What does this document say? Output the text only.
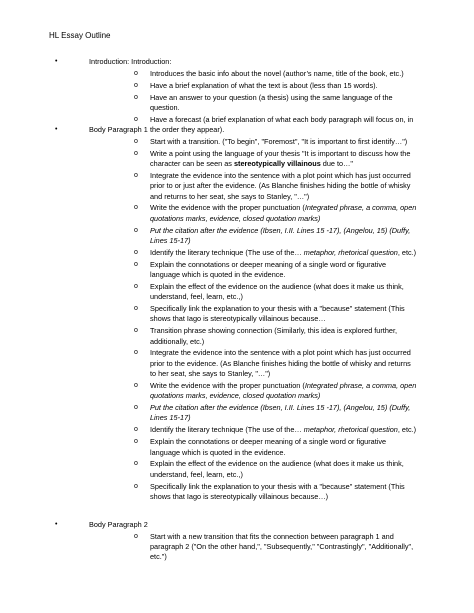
HL Essay Outline
•	Introduction: Introduction:
o Introduces the basic info about the novel (author’s name, title of the book, etc.)
o Have a brief explanation of what the text is about (less than 15 words).
o Have an answer to your question (a thesis) using the same language of the question.
o Have a forecast (a brief explanation of what each body paragraph will focus on, in the order they appear).
•	Body Paragraph 1
o Start with a transition. ("To begin", "Foremost", "It is important to first identify…")
o Write a point using the language of your thesis "It is important to discuss how the character can be seen as stereotypically villainous due to…"
o Integrate the evidence into the sentence with a plot point which has just occurred prior to or just after the evidence. (As Blanche finishes hiding the bottle of whisky and returns to her seat, she says to Stanley, "…")
o Write the evidence with the proper punctuation (Integrated phrase, a comma, open quotations marks, evidence, closed quotation marks)
o Put the citation after the evidence (Ibsen, I.II. Lines 15 -17), (Angelou, 15) (Duffy, Lines 15-17)
o Identify the literary technique (The use of the… metaphor, rhetorical question, etc.)
o Explain the connotations or deeper meaning of a single word or figurative language which is quoted in the evidence.
o Explain the effect of the evidence on the audience (what does it make us think, understand, feel, learn, etc.,)
o Specifically link the explanation to your thesis with a "because" statement (This shows that Iago is stereotypically villainous because…
o Transition phrase showing connection (Similarly, this idea is explored further, additionally, etc.)
o Integrate the evidence into the sentence with a plot point which has just occurred prior to the evidence. (As Blanche finishes hiding the bottle of whisky and returns to her seat, she says to Stanley, "…")
o Write the evidence with the proper punctuation (Integrated phrase, a comma, open quotations marks, evidence, closed quotation marks)
o Put the citation after the evidence (Ibsen, I.II. Lines 15 -17), (Angelou, 15) (Duffy, Lines 15-17)
o Identify the literary technique (The use of the… metaphor, rhetorical question, etc.)
o Explain the connotations or deeper meaning of a single word or figurative language which is quoted in the evidence.
o Explain the effect of the evidence on the audience (what does it make us think, understand, feel, learn, etc.,)
o Specifically link the explanation to your thesis with a "because" statement (This shows that Iago is stereotypically villainous because…)
•	Body Paragraph 2
o Start with a new transition that fits the connection between paragraph 1 and paragraph 2 ("On the other hand,", "Subsequently," "Contrastingly", "Additionally", etc.")
